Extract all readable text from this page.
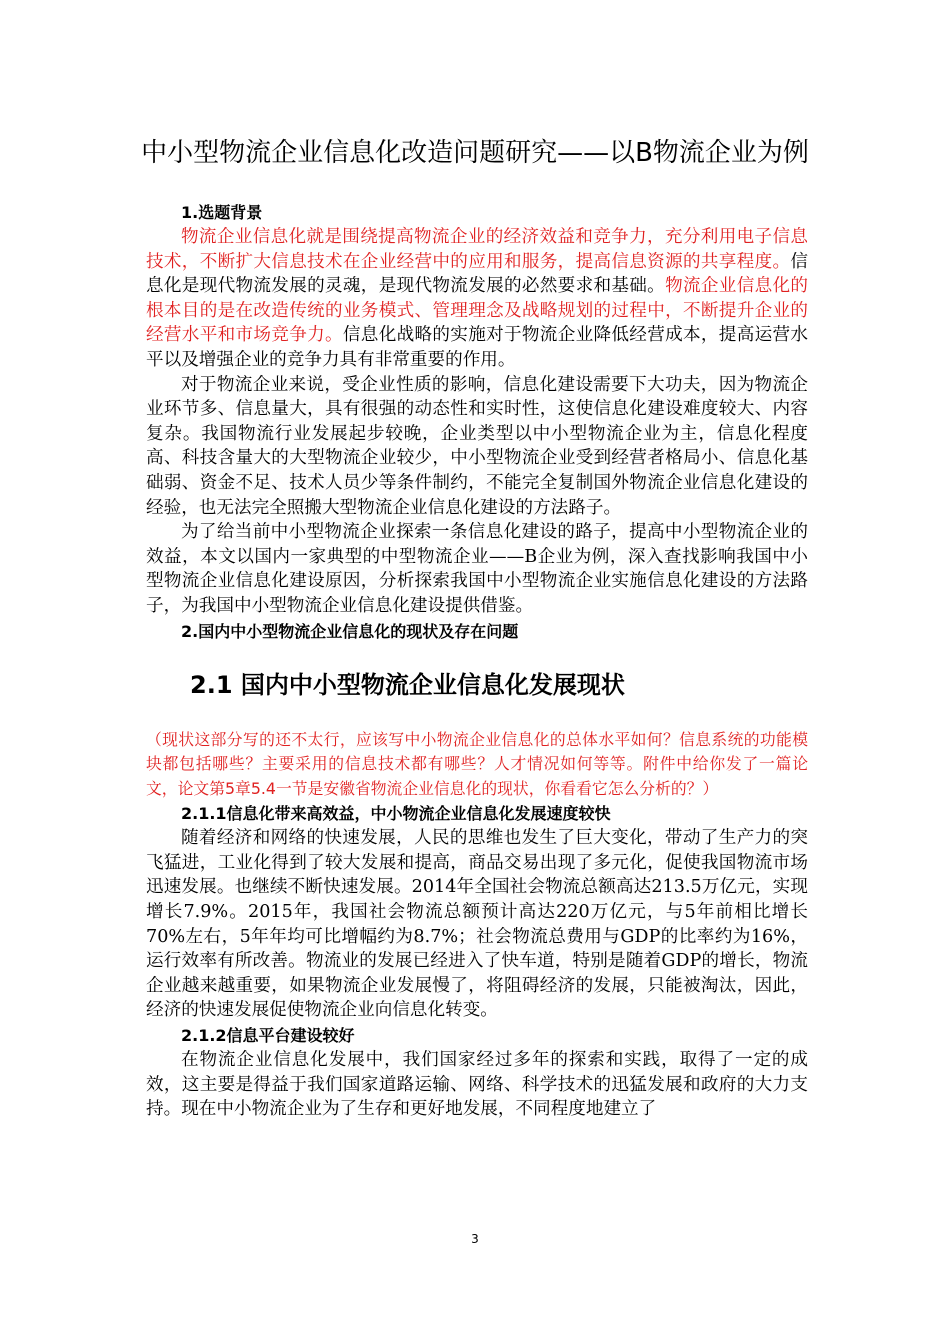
中小型物流企业信息化改造问题研究——以B物流企业为例

1.选题背景

物流企业信息化就是围绕提高物流企业的经济效益和竞争力，充分利用电子信息技术，不断扩大信息技术在企业经营中的应用和服务，提高信息资源的共享程度。信息化是现代物流发展的灵魂，是现代物流发展的必然要求和基础。物流企业信息化的根本目的是在改造传统的业务模式、管理理念及战略规划的过程中，不断提升企业的经营水平和市场竞争力。信息化战略的实施对于物流企业降低经营成本，提高运营水平以及增强企业的竞争力具有非常重要的作用。

对于物流企业来说，受企业性质的影响，信息化建设需要下大功夫，因为物流企业环节多、信息量大，具有很强的动态性和实时性，这使信息化建设难度较大、内容复杂。我国物流行业发展起步较晚，企业类型以中小型物流企业为主，信息化程度高、科技含量大的大型物流企业较少，中小型物流企业受到经营者格局小、信息化基础弱、资金不足、技术人员少等条件制约，不能完全复制国外物流企业信息化建设的经验，也无法完全照搬大型物流企业信息化建设的方法路子。

为了给当前中小型物流企业探索一条信息化建设的路子，提高中小型物流企业的效益，本文以国内一家典型的中型物流企业——B企业为例，深入查找影响我国中小型物流企业信息化建设原因，分析探索我国中小型物流企业实施信息化建设的方法路子，为我国中小型物流企业信息化建设提供借鉴。

2.国内中小型物流企业信息化的现状及存在问题

2.1 国内中小型物流企业信息化发展现状

（现状这部分写的还不太行，应该写中小物流企业信息化的总体水平如何？信息系统的功能模块都包括哪些？主要采用的信息技术都有哪些？人才情况如何等等。附件中给你发了一篇论文，论文第5章5.4一节是安徽省物流企业信息化的现状，你看看它怎么分析的？）

2.1.1信息化带来高效益，中小物流企业信息化发展速度较快

随着经济和网络的快速发展，人民的思维也发生了巨大变化，带动了生产力的突飞猛进，工业化得到了较大发展和提高，商品交易出现了多元化，促使我国物流市场迅速发展。也继续不断快速发展。2014年全国社会物流总额高达213.5万亿元，实现增长7.9%。2015年，我国社会物流总额预计高达220万亿元，与5年前相比增长70%左右，5年年均可比增幅约为8.7%；社会物流总费用与GDP的比率约为16%，运行效率有所改善。物流业的发展已经进入了快车道，特别是随着GDP的增长，物流企业越来越重要，如果物流企业发展慢了，将阻碍经济的发展，只能被淘汰，因此，经济的快速发展促使物流企业向信息化转变。

2.1.2信息平台建设较好

在物流企业信息化发展中，我们国家经过多年的探索和实践，取得了一定的成效，这主要是得益于我们国家道路运输、网络、科学技术的迅猛发展和政府的大力支持。现在中小物流企业为了生存和更好地发展，不同程度地建立了

3
